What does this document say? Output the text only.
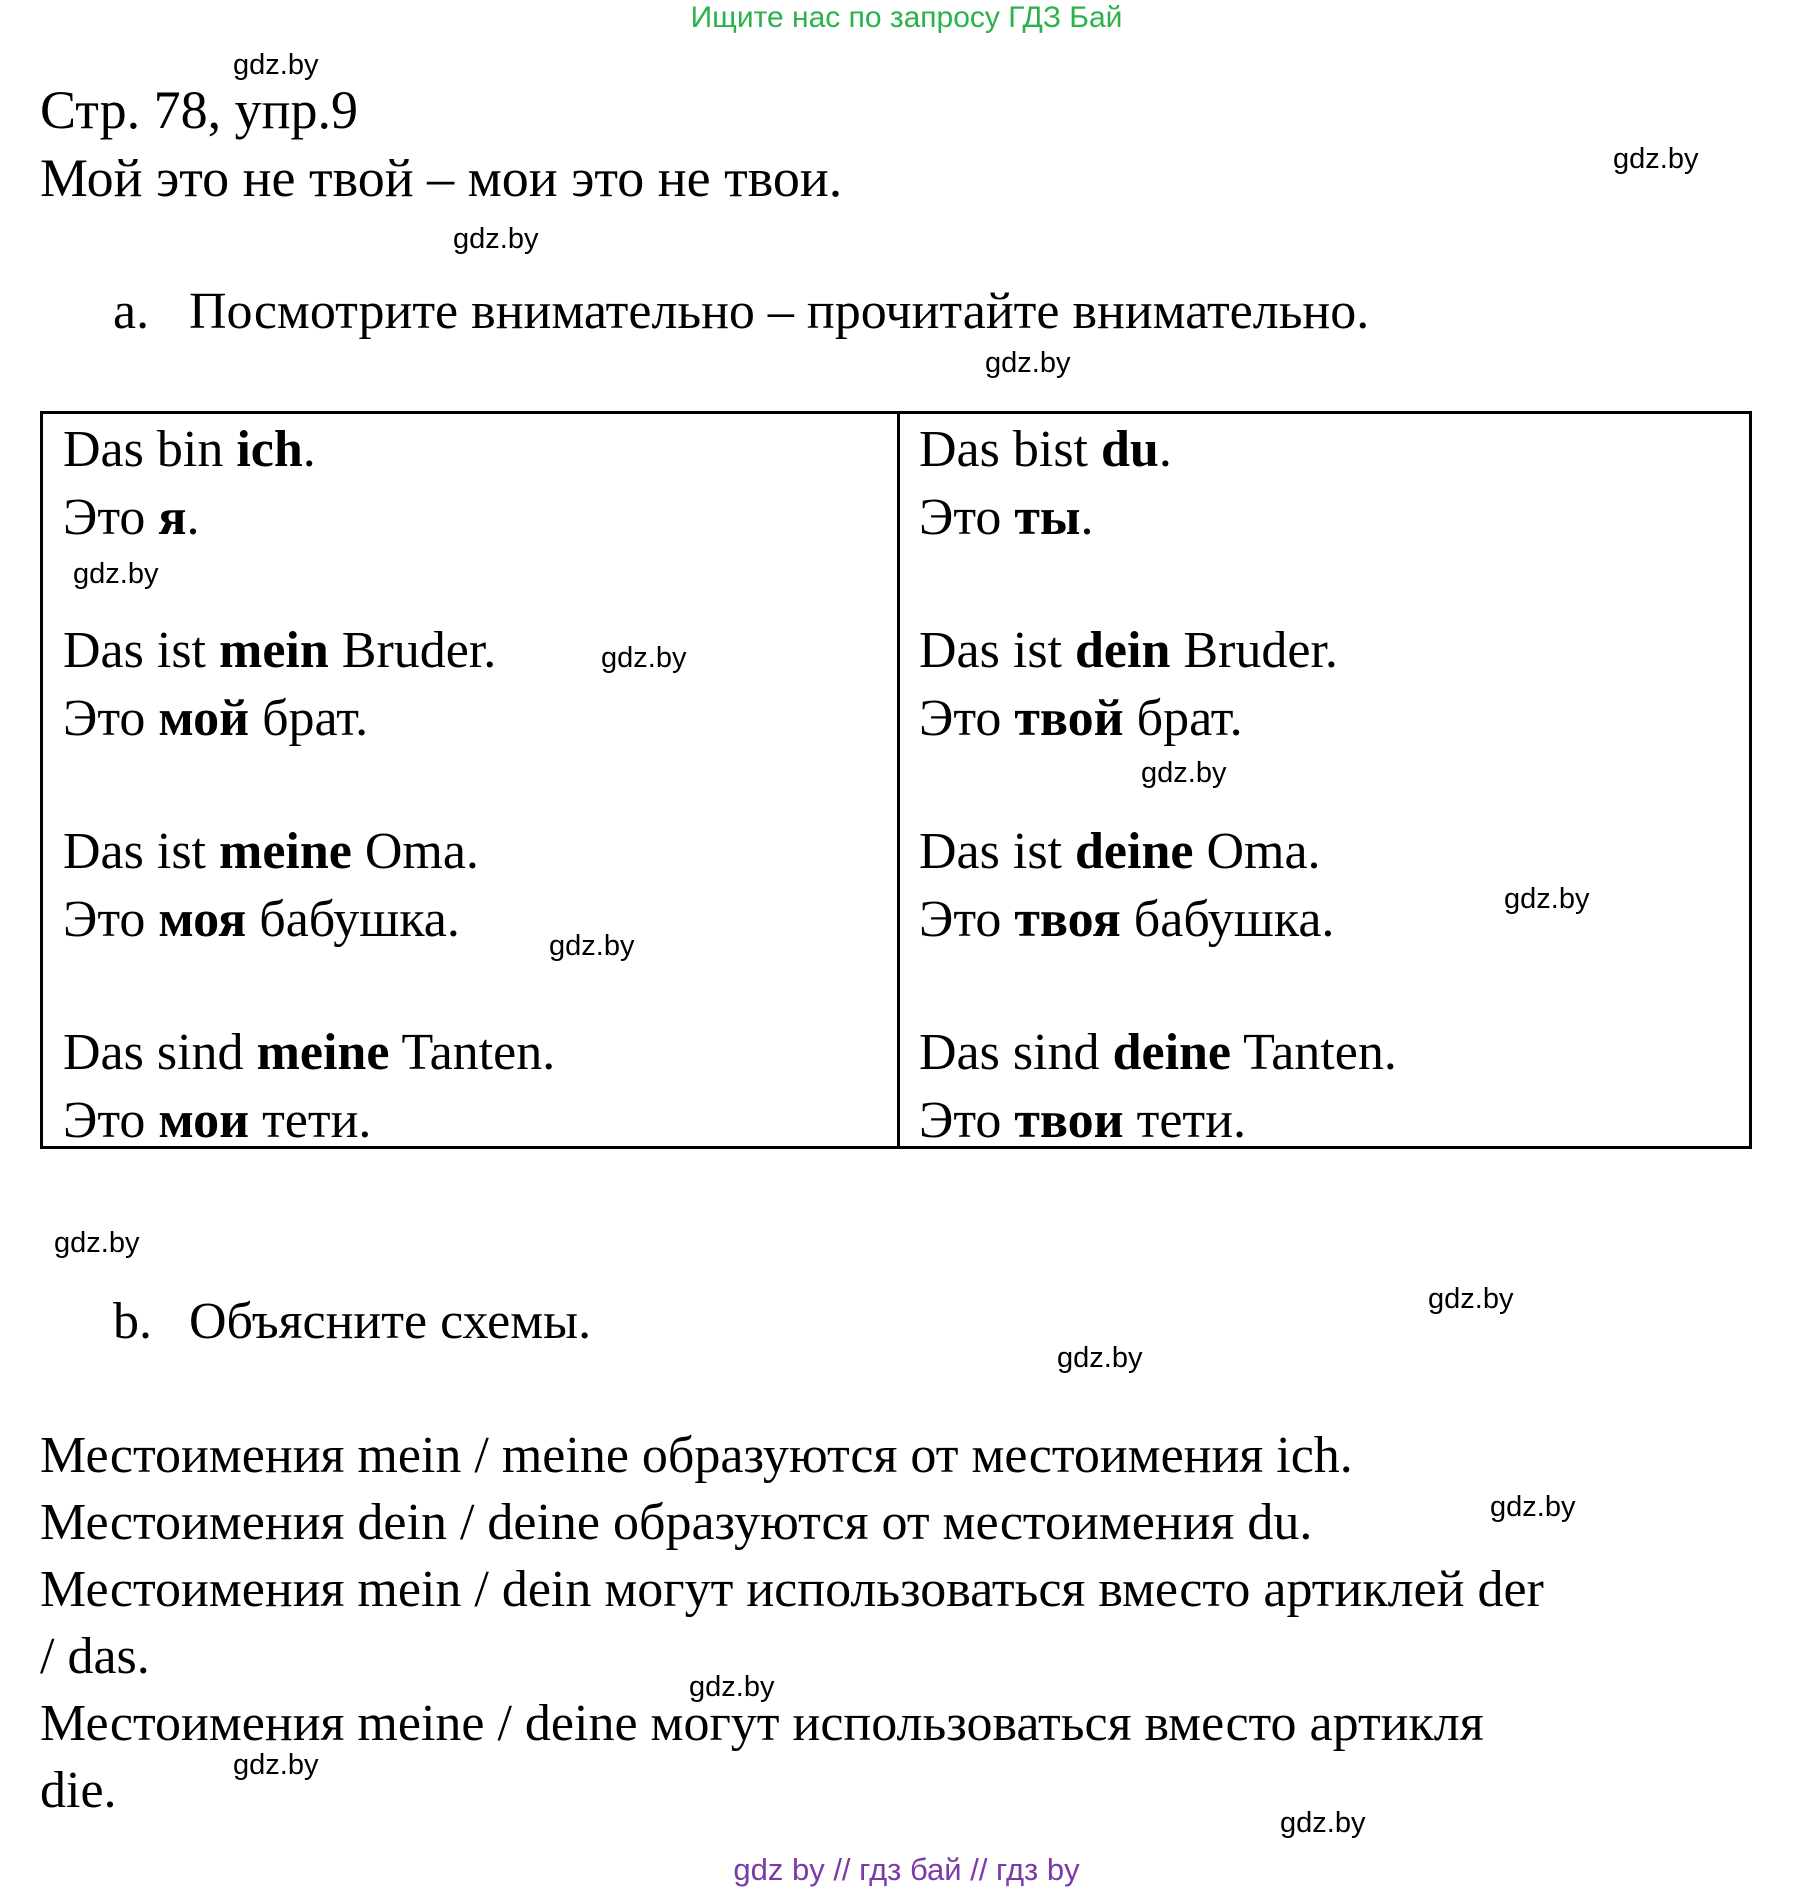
Ищите нас по запросу ГДЗ Бай
Стр. 78, упр.9
Мой это не твой – мои это не твои.
a. Посмотрите внимательно – прочитайте внимательно.
Das bin ich.
Это я.
Das ist mein Bruder.
Это мой брат.
Das ist meine Oma.
Это моя бабушка.
Das sind meine Tanten.
Это мои тети.
Das bist du.
Это ты.
Das ist dein Bruder.
Это твой брат.
Das ist deine Oma.
Это твоя бабушка.
Das sind deine Tanten.
Это твои тети.
b. Объясните схемы.
Местоимения mein / meine образуются от местоимения ich.
Местоимения dein / deine образуются от местоимения du.
Местоимения mein / dein могут использоваться вместо артиклей der
/ das.
Местоимения meine / deine могут использоваться вместо артикля
die.
gdz.by
gdz.by
gdz.by
gdz.by
gdz.by
gdz.by
gdz.by
gdz.by
gdz.by
gdz.by
gdz.by
gdz.by
gdz.by
gdz.by
gdz.by
gdz.by
gdz by // гдз бай // гдз by
